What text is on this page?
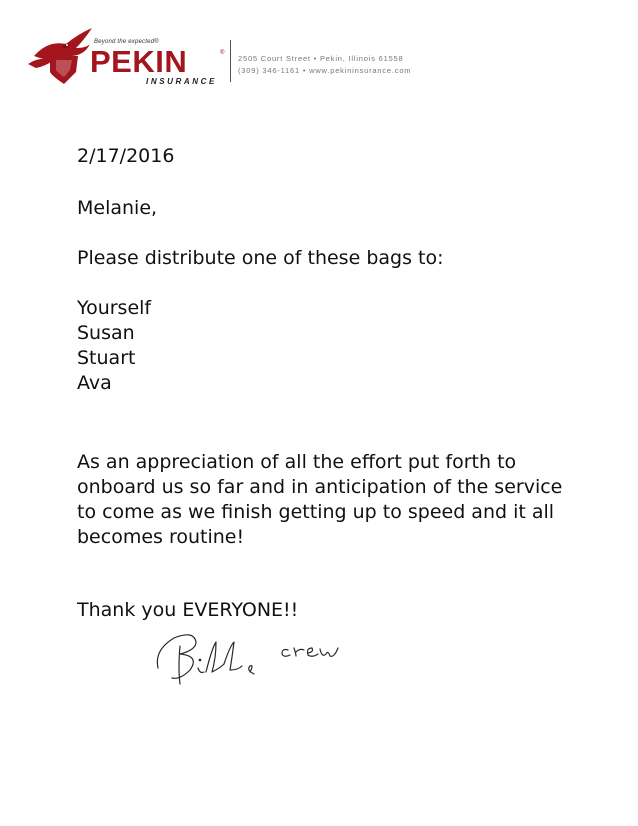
Beyond the expected®
PEKIN	®
INSURANCE
2505 Court Street • Pekin, Illinois 61558
(309) 346-1161 • www.pekininsurance.com

2/17/2016

Melanie,

Please distribute one of these bags to:

Yourself
Susan
Stuart
Ava

As an appreciation of all the effort put forth to onboard us so far and in anticipation of the service to come as we finish getting up to speed and it all becomes routine!

Thank you EVERYONE!!
